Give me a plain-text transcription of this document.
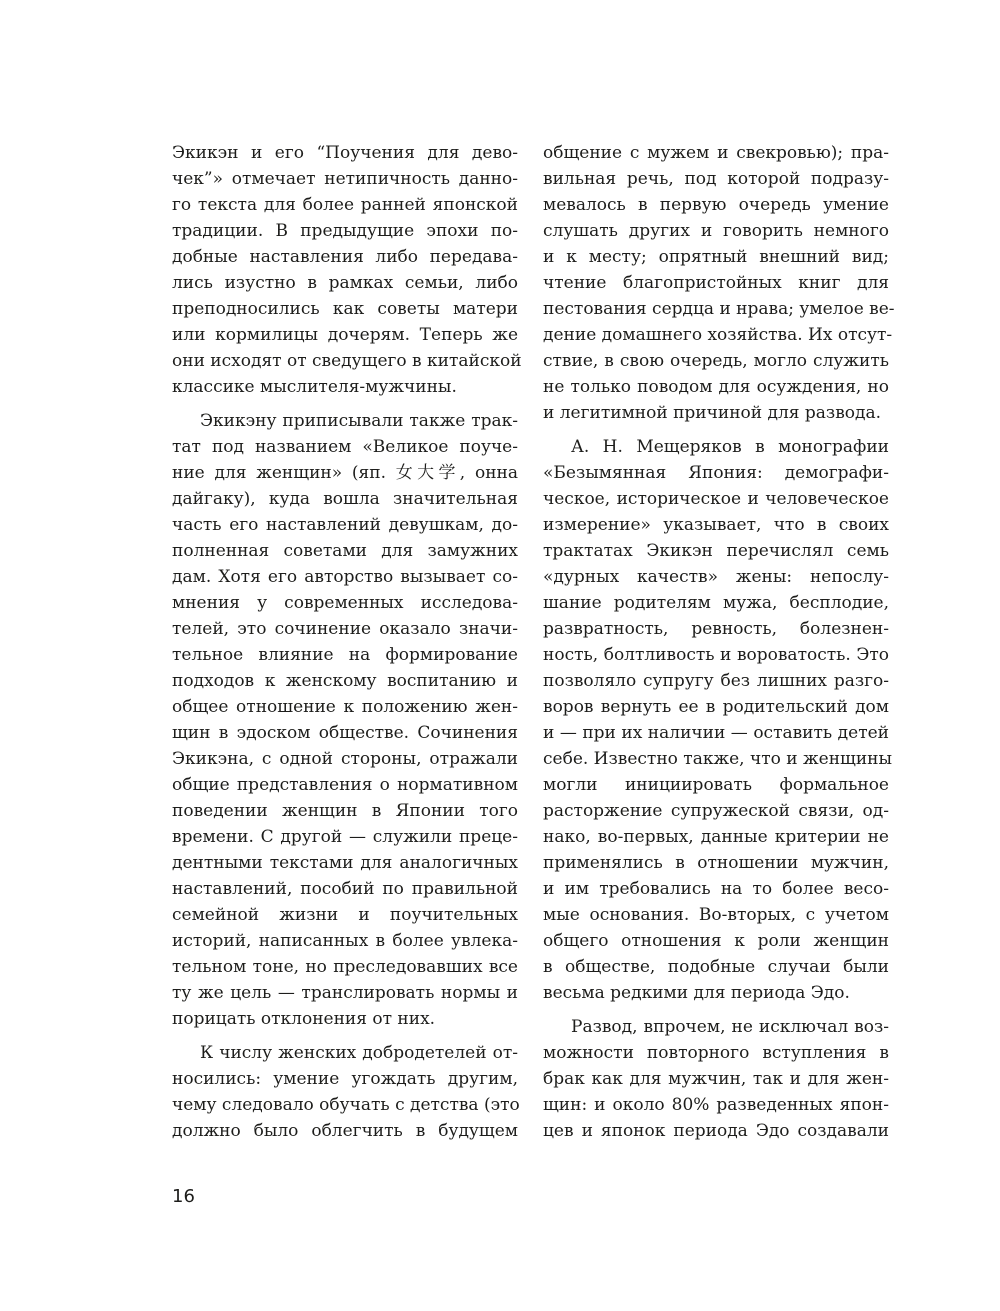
Экикэн и его “Поучения для дево-
чек”» отмечает нетипичность данно-
го текста для более ранней японской
традиции. В предыдущие эпохи по-
добные наставления либо передава-
лись изустно в рамках семьи, либо
преподносились как советы матери
или кормилицы дочерям. Теперь же
они исходят от сведущего в китайской
классике мыслителя-мужчины.
Экикэну приписывали также трак-
тат под названием «Великое поуче-
ние для женщин» (яп. 女大学, онна
дайгаку), куда вошла значительная
часть его наставлений девушкам, до-
полненная советами для замужних
дам. Хотя его авторство вызывает со-
мнения у современных исследова-
телей, это сочинение оказало значи-
тельное влияние на формирование
подходов к женскому воспитанию и
общее отношение к положению жен-
щин в эдоском обществе. Сочинения
Экикэна, с одной стороны, отражали
общие представления о нормативном
поведении женщин в Японии того
времени. С другой — служили преце-
дентными текстами для аналогичных
наставлений, пособий по правильной
семейной жизни и поучительных
историй, написанных в более увлека-
тельном тоне, но преследовавших все
ту же цель — транслировать нормы и
порицать отклонения от них.
К числу женских добродетелей от-
носились: умение угождать другим,
чему следовало обучать с детства (это
должно было облегчить в будущем
общение с мужем и свекровью); пра-
вильная речь, под которой подразу-
мевалось в первую очередь умение
слушать других и говорить немного
и к месту; опрятный внешний вид;
чтение благопристойных книг для
пестования сердца и нрава; умелое ве-
дение домашнего хозяйства. Их отсут-
ствие, в свою очередь, могло служить
не только поводом для осуждения, но
и легитимной причиной для развода.
А. Н. Мещеряков в монографии
«Безымянная Япония: демографи-
ческое, историческое и человеческое
измерение» указывает, что в своих
трактатах Экикэн перечислял семь
«дурных качеств» жены: непослу-
шание родителям мужа, бесплодие,
развратность, ревность, болезнен-
ность, болтливость и вороватость. Это
позволяло супругу без лишних разго-
воров вернуть ее в родительский дом
и — при их наличии — оставить детей
себе. Известно также, что и женщины
могли инициировать формальное
расторжение супружеской связи, од-
нако, во-первых, данные критерии не
применялись в отношении мужчин,
и им требовались на то более весо-
мые основания. Во-вторых, с учетом
общего отношения к роли женщин
в обществе, подобные случаи были
весьма редкими для периода Эдо.
Развод, впрочем, не исключал воз-
можности повторного вступления в
брак как для мужчин, так и для жен-
щин: и около 80% разведенных япон-
цев и японок периода Эдо создавали
16
